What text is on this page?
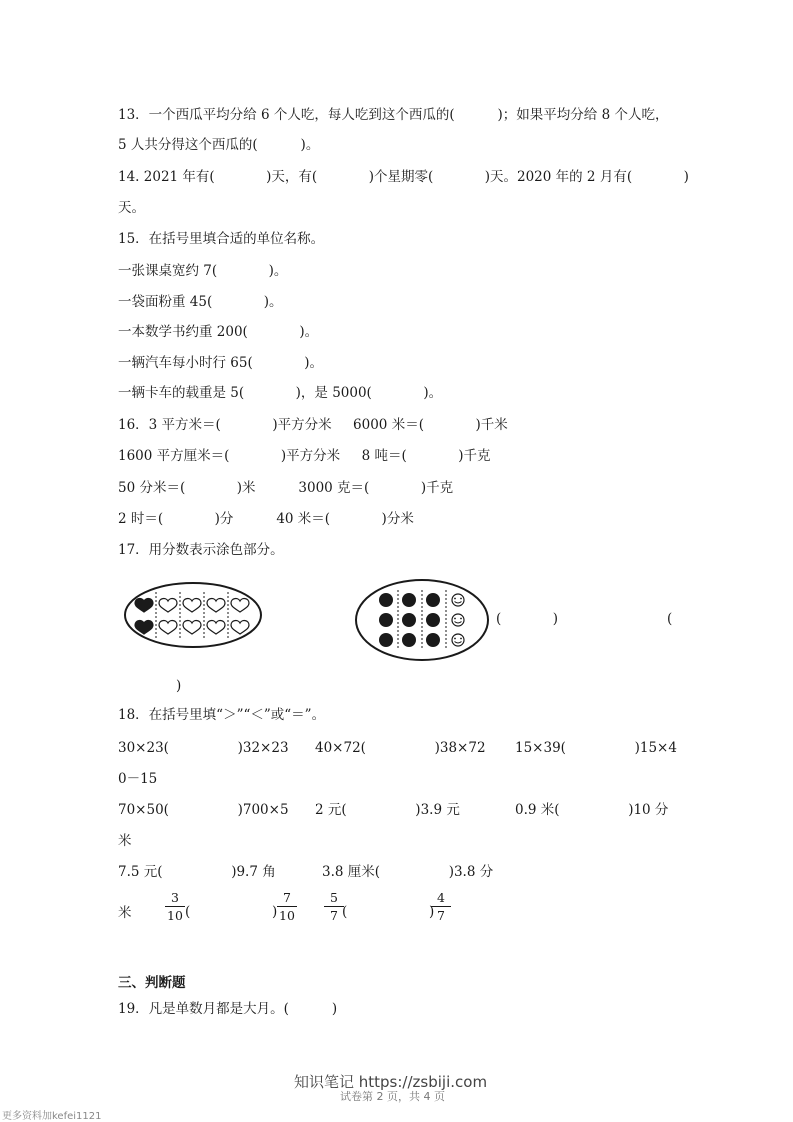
13．一个西瓜平均分给 6 个人吃，每人吃到这个西瓜的(          )；如果平均分给 8 个人吃，
5 人共分得这个西瓜的(          )。
14. 2021 年有(            )天，有(            )个星期零(            )天。2020 年的 2 月有(            )
天。
15．在括号里填合适的单位名称。
一张课桌宽约 7(            )。
一袋面粉重 45(            )。
一本数学书约重 200(            )。
一辆汽车每小时行 65(            )。
一辆卡车的载重是 5(            )，是 5000(            )。
16．3 平方米＝(            )平方分米     6000 米＝(            )千米
1600 平方厘米＝(            )平方分米     8 吨＝(            )千克
50 分米＝(            )米          3000 克＝(            )千克
2 时＝(            )分          40 米＝(            )分米
17．用分数表示涂色部分。
(            )	(
)
18．在括号里填“＞”“＜”或“＝”。
30×23(                )32×23 40×72(                )38×72 15×39(                )15×4
0－15
70×50(                )700×5 2 元(                )3.9 元	0.9 米(                )10 分
米
7.5 元(                )9.7 角	3.8 厘米(                )3.8 分
米
3
10 (	)
7
10
5
7 (	)
4
7
三、判断题
19．凡是单数月都是大月。(          )
知识笔记 https://zsbiji.com
试卷第 2 页，共 4 页
更多资料加kefei1121
